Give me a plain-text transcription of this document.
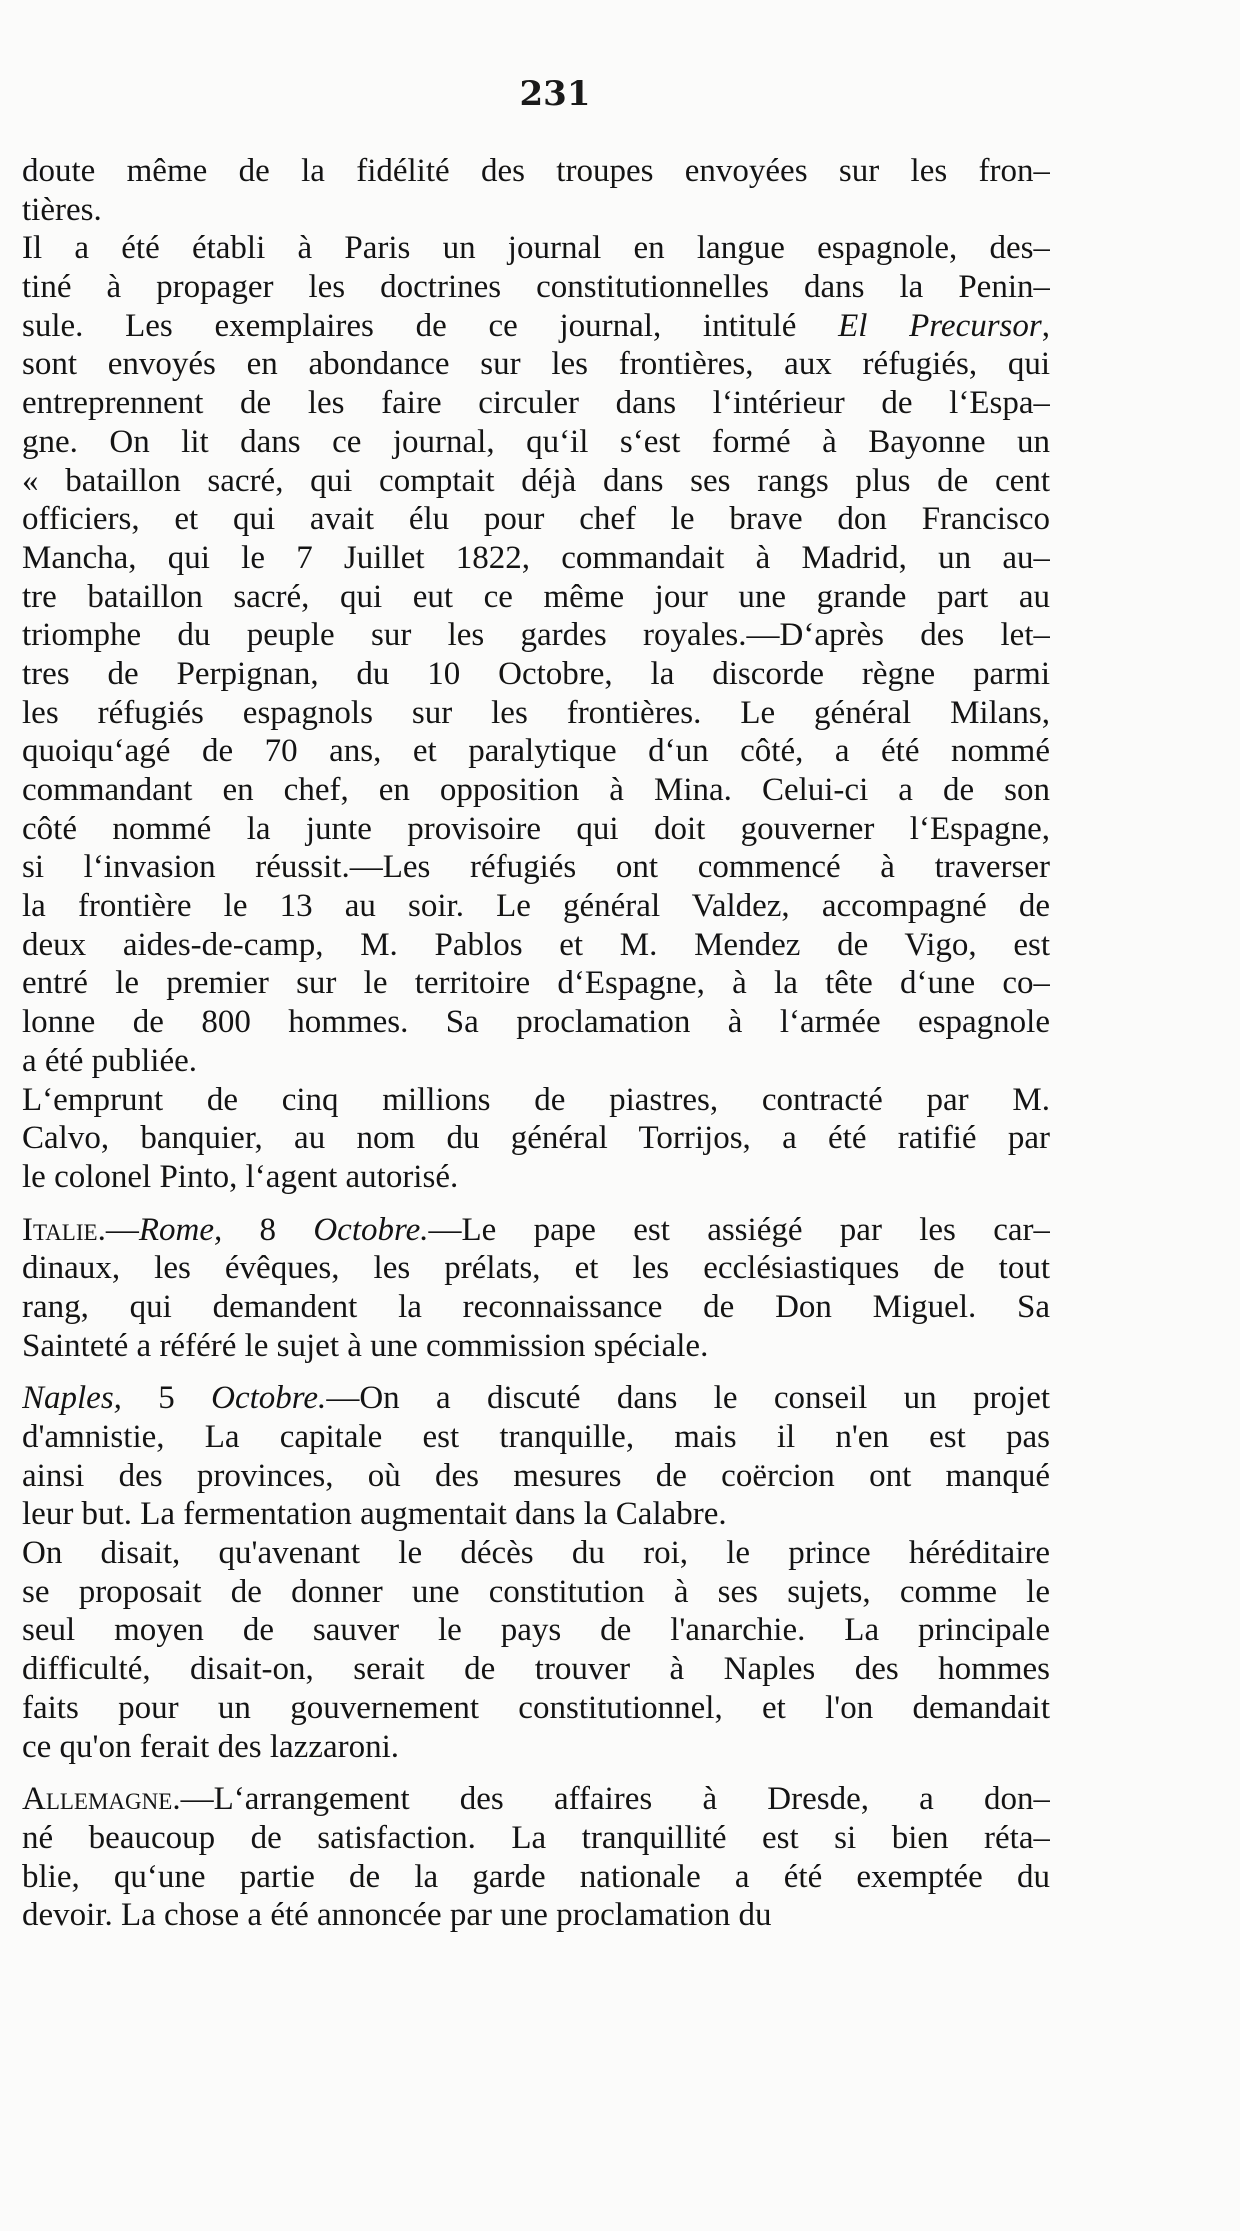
231
doute même de la fidélité des troupes envoyées sur les fron–
tières.
Il a été établi à Paris un journal en langue espagnole, des–
tiné à propager les doctrines constitutionnelles dans la Penin–
sule. Les exemplaires de ce journal, intitulé El Precursor,
sont envoyés en abondance sur les frontières, aux réfugiés, qui
entreprennent de les faire circuler dans l‘intérieur de l‘Espa–
gne. On lit dans ce journal, qu‘il s‘est formé à Bayonne un
« bataillon sacré, qui comptait déjà dans ses rangs plus de cent
officiers, et qui avait élu pour chef le brave don Francisco
Mancha, qui le 7 Juillet 1822, commandait à Madrid, un au–
tre bataillon sacré, qui eut ce même jour une grande part au
triomphe du peuple sur les gardes royales.—D‘après des let–
tres de Perpignan, du 10 Octobre, la discorde règne parmi
les réfugiés espagnols sur les frontières. Le général Milans,
quoiqu‘agé de 70 ans, et paralytique d‘un côté, a été nommé
commandant en chef, en opposition à Mina. Celui-ci a de son
côté nommé la junte provisoire qui doit gouverner l‘Espagne,
si l‘invasion réussit.—Les réfugiés ont commencé à traverser
la frontière le 13 au soir. Le général Valdez, accompagné de
deux aides-de-camp, M. Pablos et M. Mendez de Vigo, est
entré le premier sur le territoire d‘Espagne, à la tête d‘une co–
lonne de 800 hommes. Sa proclamation à l‘armée espagnole
a été publiée.
L‘emprunt de cinq millions de piastres, contracté par M.
Calvo, banquier, au nom du général Torrijos, a été ratifié par
le colonel Pinto, l‘agent autorisé.
Italie.—Rome, 8 Octobre.—Le pape est assiégé par les car–
dinaux, les évêques, les prélats, et les ecclésiastiques de tout
rang, qui demandent la reconnaissance de Don Miguel. Sa
Sainteté a référé le sujet à une commission spéciale.
Naples, 5 Octobre.—On a discuté dans le conseil un projet
d'amnistie, La capitale est tranquille, mais il n'en est pas
ainsi des provinces, où des mesures de coërcion ont manqué
leur but. La fermentation augmentait dans la Calabre.
On disait, qu'avenant le décès du roi, le prince héréditaire
se proposait de donner une constitution à ses sujets, comme le
seul moyen de sauver le pays de l'anarchie. La principale
difficulté, disait-on, serait de trouver à Naples des hommes
faits pour un gouvernement constitutionnel, et l'on demandait
ce qu'on ferait des lazzaroni.
Allemagne.—L‘arrangement des affaires à Dresde, a don–
né beaucoup de satisfaction. La tranquillité est si bien réta–
blie, qu‘une partie de la garde nationale a été exemptée du
devoir. La chose a été annoncée par une proclamation du
